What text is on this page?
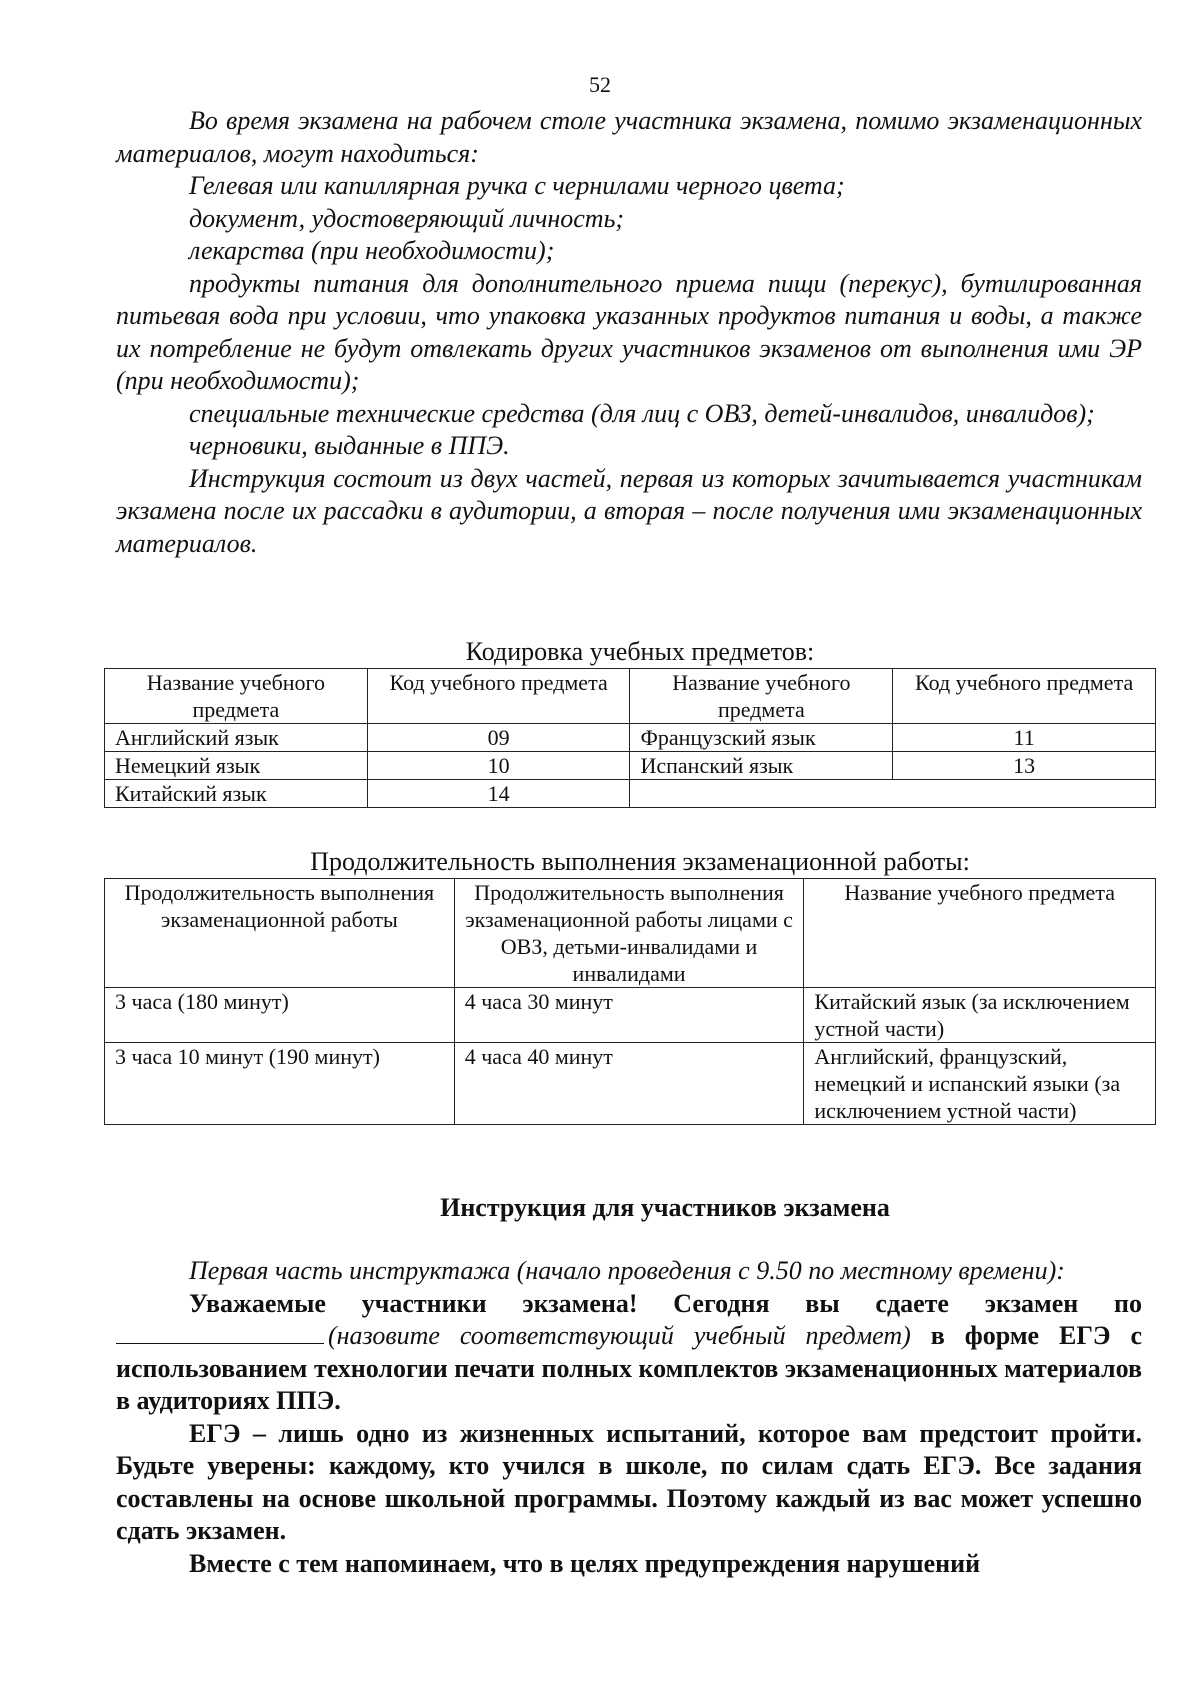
52

Во время экзамена на рабочем столе участника экзамена, помимо экзаменационных материалов, могут находиться:

Гелевая или капиллярная ручка с чернилами черного цвета;

документ, удостоверяющий личность;

лекарства (при необходимости);

продукты питания для дополнительного приема пищи (перекус), бутилированная питьевая вода при условии, что упаковка указанных продуктов питания и воды, а также их потребление не будут отвлекать других участников экзаменов от выполнения ими ЭР (при необходимости);

специальные технические средства (для лиц с ОВЗ, детей-инвалидов, инвалидов);

черновики, выданные в ППЭ.

Инструкция состоит из двух частей, первая из которых зачитывается участникам экзамена после их рассадки в аудитории, а вторая – после получения ими экзаменационных материалов.

Кодировка учебных предметов:
Название учебного предмета	Код учебного предмета	Название учебного предмета	Код учебного предмета
Английский язык	09	Французский язык	11
Немецкий язык	10	Испанский язык	13
Китайский язык	14		
Продолжительность выполнения экзаменационной работы:
Продолжительность выполнения экзаменационной работы	Продолжительность выполнения экзаменационной работы лицами с ОВЗ, детьми-инвалидами и инвалидами	Название учебного предмета
3 часа (180 минут)	4 часа 30 минут	Китайский язык (за исключением устной части)
3 часа 10 минут (190 минут)	4 часа 40 минут	Английский, французский, немецкий и испанский языки (за исключением устной части)
Инструкция для участников экзамена

Первая часть инструктажа (начало проведения с 9.50 по местному времени):

Уважаемые участники экзамена! Сегодня вы сдаете экзамен по (назовите соответствующий учебный предмет) в форме ЕГЭ с использованием технологии печати полных комплектов экзаменационных материалов в аудиториях ППЭ.

ЕГЭ – лишь одно из жизненных испытаний, которое вам предстоит пройти. Будьте уверены: каждому, кто учился в школе, по силам сдать ЕГЭ. Все задания составлены на основе школьной программы. Поэтому каждый из вас может успешно сдать экзамен.

Вместе с тем напоминаем, что в целях предупреждения нарушений
